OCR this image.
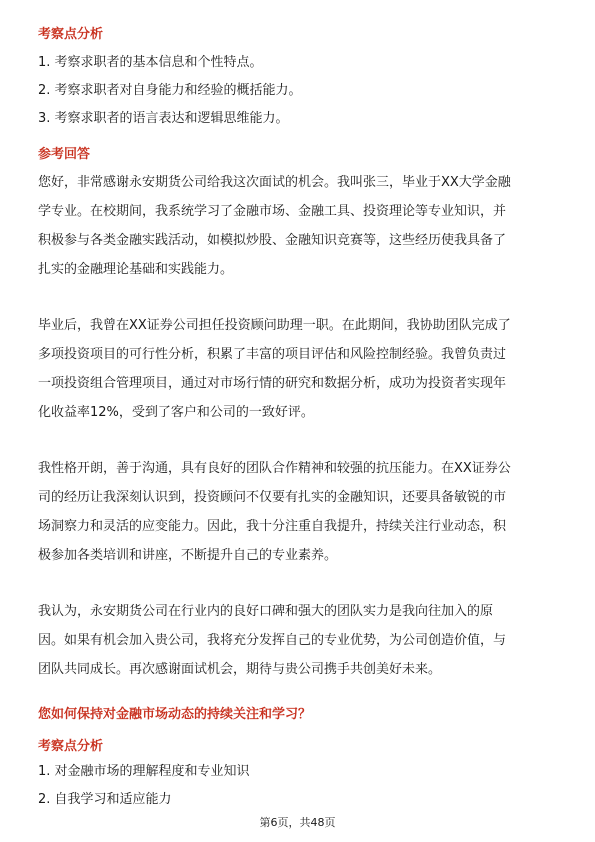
考察点分析
1. 考察求职者的基本信息和个性特点。
2. 考察求职者对自身能力和经验的概括能力。
3. 考察求职者的语言表达和逻辑思维能力。
参考回答
您好，非常感谢永安期货公司给我这次面试的机会。我叫张三，毕业于XX大学金融
学专业。在校期间，我系统学习了金融市场、金融工具、投资理论等专业知识，并
积极参与各类金融实践活动，如模拟炒股、金融知识竞赛等，这些经历使我具备了
扎实的金融理论基础和实践能力。
毕业后，我曾在XX证券公司担任投资顾问助理一职。在此期间，我协助团队完成了
多项投资项目的可行性分析，积累了丰富的项目评估和风险控制经验。我曾负责过
一项投资组合管理项目，通过对市场行情的研究和数据分析，成功为投资者实现年
化收益率12%，受到了客户和公司的一致好评。
我性格开朗，善于沟通，具有良好的团队合作精神和较强的抗压能力。在XX证券公
司的经历让我深刻认识到，投资顾问不仅要有扎实的金融知识，还要具备敏锐的市
场洞察力和灵活的应变能力。因此，我十分注重自我提升，持续关注行业动态，积
极参加各类培训和讲座，不断提升自己的专业素养。
我认为，永安期货公司在行业内的良好口碑和强大的团队实力是我向往加入的原
因。如果有机会加入贵公司，我将充分发挥自己的专业优势，为公司创造价值，与
团队共同成长。再次感谢面试机会，期待与贵公司携手共创美好未来。
您如何保持对金融市场动态的持续关注和学习？
考察点分析
1. 对金融市场的理解程度和专业知识
2. 自我学习和适应能力
第6页，共48页
